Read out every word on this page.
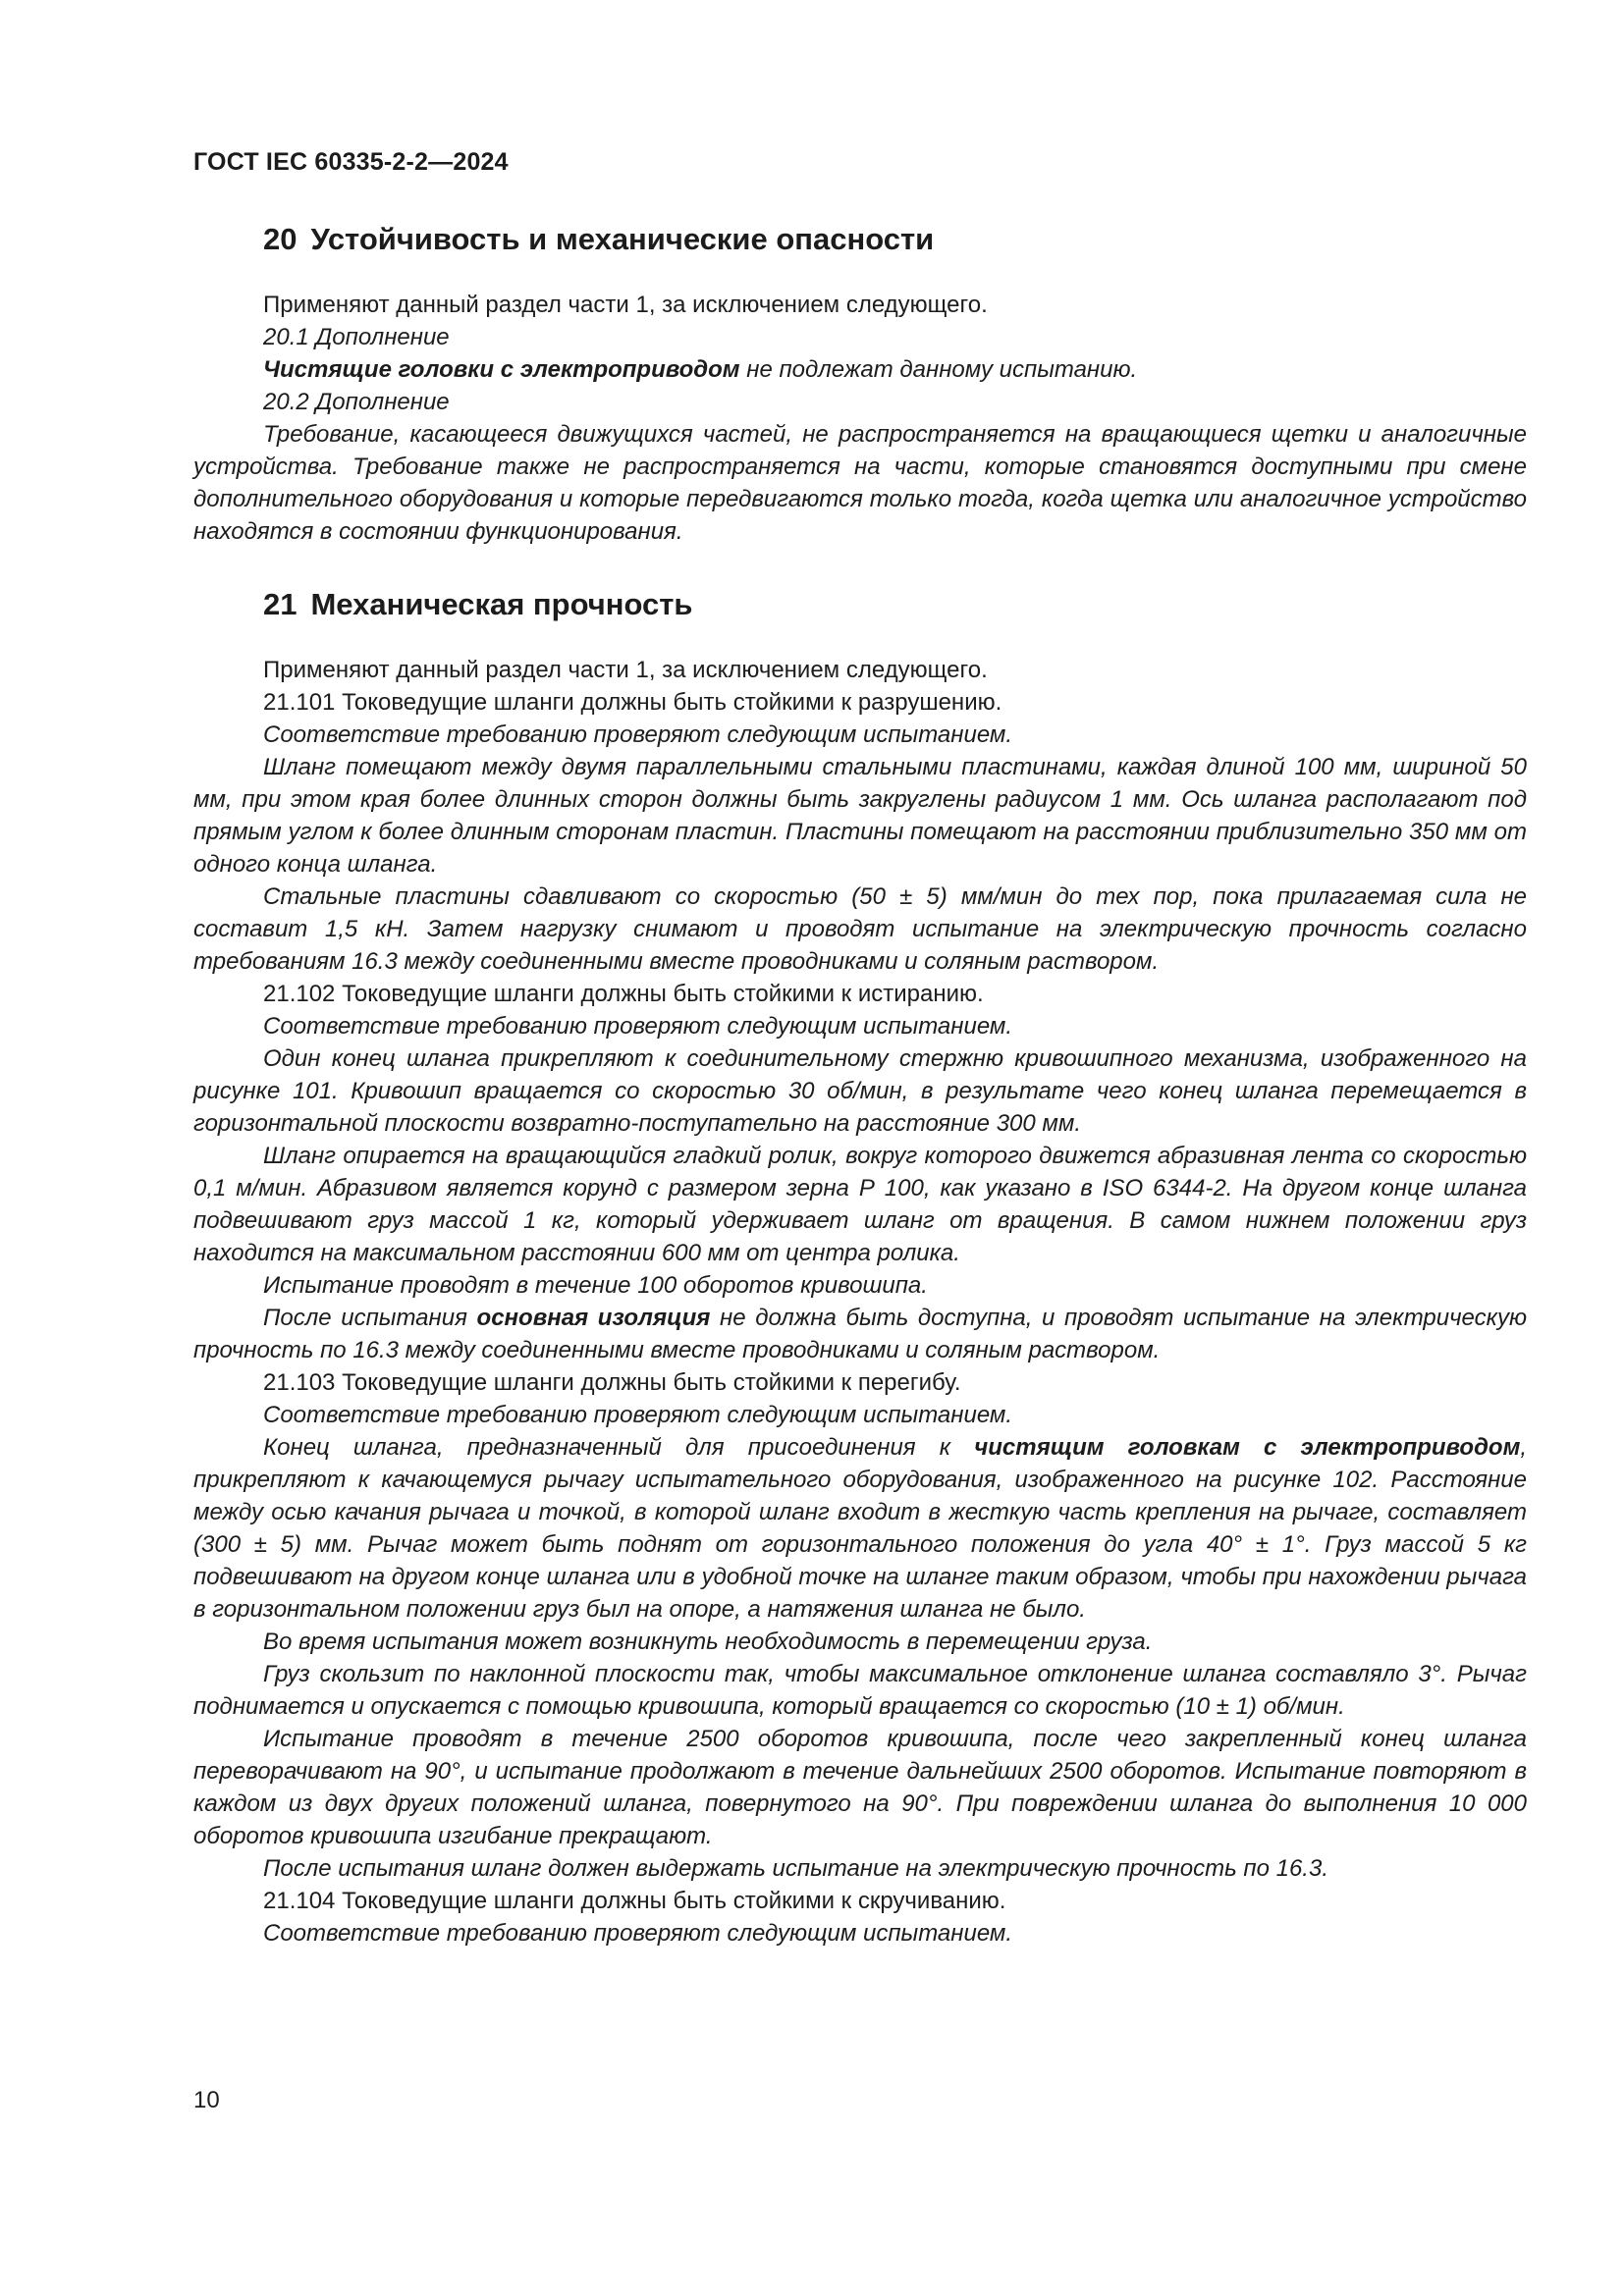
ГОСТ IEC 60335-2-2—2024
20 Устойчивость и механические опасности

Применяют данный раздел части 1, за исключением следующего.

20.1 Дополнение

Чистящие головки с электроприводом не подлежат данному испытанию.

20.2 Дополнение

Требование, касающееся движущихся частей, не распространяется на вращающиеся щетки и аналогичные устройства. Требование также не распространяется на части, которые становятся доступными при смене дополнительного оборудования и которые передвигаются только тогда, когда щетка или аналогичное устройство находятся в состоянии функционирования.

21 Механическая прочность

Применяют данный раздел части 1, за исключением следующего.

21.101 Токоведущие шланги должны быть стойкими к разрушению.

Соответствие требованию проверяют следующим испытанием.

Шланг помещают между двумя параллельными стальными пластинами, каждая длиной 100 мм, шириной 50 мм, при этом края более длинных сторон должны быть закруглены радиусом 1 мм. Ось шланга располагают под прямым углом к более длинным сторонам пластин. Пластины помещают на расстоянии приблизительно 350 мм от одного конца шланга.

Стальные пластины сдавливают со скоростью (50 ± 5) мм/мин до тех пор, пока прилагаемая сила не составит 1,5 кН. Затем нагрузку снимают и проводят испытание на электрическую прочность согласно требованиям 16.3 между соединенными вместе проводниками и соляным раствором.

21.102 Токоведущие шланги должны быть стойкими к истиранию.

Соответствие требованию проверяют следующим испытанием.

Один конец шланга прикрепляют к соединительному стержню кривошипного механизма, изображенного на рисунке 101. Кривошип вращается со скоростью 30 об/мин, в результате чего конец шланга перемещается в горизонтальной плоскости возвратно-поступательно на расстояние 300 мм.

Шланг опирается на вращающийся гладкий ролик, вокруг которого движется абразивная лента со скоростью 0,1 м/мин. Абразивом является корунд с размером зерна Р 100, как указано в ISO 6344-2. На другом конце шланга подвешивают груз массой 1 кг, который удерживает шланг от вращения. В самом нижнем положении груз находится на максимальном расстоянии 600 мм от центра ролика.

Испытание проводят в течение 100 оборотов кривошипа.

После испытания основная изоляция не должна быть доступна, и проводят испытание на электрическую прочность по 16.3 между соединенными вместе проводниками и соляным раствором.

21.103 Токоведущие шланги должны быть стойкими к перегибу.

Соответствие требованию проверяют следующим испытанием.

Конец шланга, предназначенный для присоединения к чистящим головкам с электроприводом, прикрепляют к качающемуся рычагу испытательного оборудования, изображенного на рисунке 102. Расстояние между осью качания рычага и точкой, в которой шланг входит в жесткую часть крепления на рычаге, составляет (300 ± 5) мм. Рычаг может быть поднят от горизонтального положения до угла 40° ± 1°. Груз массой 5 кг подвешивают на другом конце шланга или в удобной точке на шланге таким образом, чтобы при нахождении рычага в горизонтальном положении груз был на опоре, а натяжения шланга не было.

Во время испытания может возникнуть необходимость в перемещении груза.

Груз скользит по наклонной плоскости так, чтобы максимальное отклонение шланга составляло 3°. Рычаг поднимается и опускается с помощью кривошипа, который вращается со скоростью (10 ± 1) об/мин.

Испытание проводят в течение 2500 оборотов кривошипа, после чего закрепленный конец шланга переворачивают на 90°, и испытание продолжают в течение дальнейших 2500 оборотов. Испытание повторяют в каждом из двух других положений шланга, повернутого на 90°. При повреждении шланга до выполнения 10 000 оборотов кривошипа изгибание прекращают.

После испытания шланг должен выдержать испытание на электрическую прочность по 16.3.

21.104 Токоведущие шланги должны быть стойкими к скручиванию.

Соответствие требованию проверяют следующим испытанием.

10
